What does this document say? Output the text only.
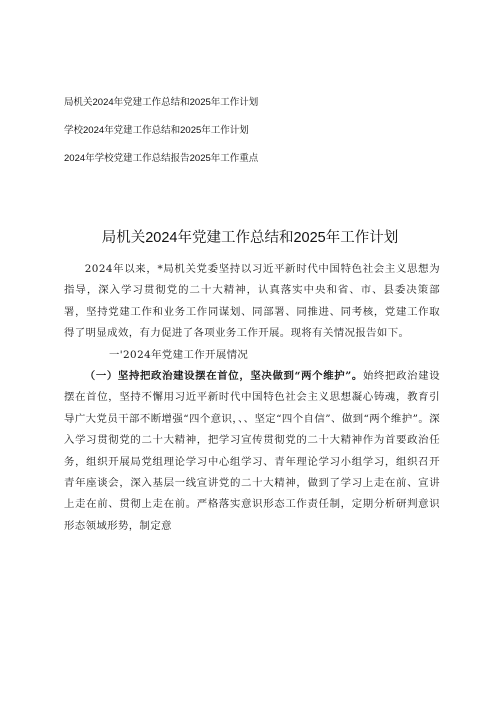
局机关2024年党建工作总结和2025年工作计划
学校2024年党建工作总结和2025年工作计划
2024年学校党建工作总结报告2025年工作重点
局机关2024年党建工作总结和2025年工作计划

2024年以来，*局机关党委坚持以习近平新时代中国特色社会主义思想为指导，深入学习贯彻党的二十大精神，认真落实中央和省、市、县委决策部署，坚持党建工作和业务工作同谋划、同部署、同推进、同考核，党建工作取得了明显成效，有力促进了各项业务工作开展。现将有关情况报告如下。

一'2024年党建工作开展情况

（一）坚持把政治建设摆在首位，坚决做到“两个维护”。始终把政治建设摆在首位，坚持不懈用习近平新时代中国特色社会主义思想凝心铸魂，教育引导广大党员干部不断增强“四个意识，、、坚定“四个自信”、做到“两个维护”。深入学习贯彻党的二十大精神，把学习宣传贯彻党的二十大精神作为首要政治任务，组织开展局党组理论学习中心组学习、青年理论学习小组学习，组织召开青年座谈会，深入基层一线宣讲党的二十大精神，做到了学习上走在前、宣讲上走在前、贯彻上走在前。严格落实意识形态工作责任制，定期分析研判意识形态领域形势，制定意
